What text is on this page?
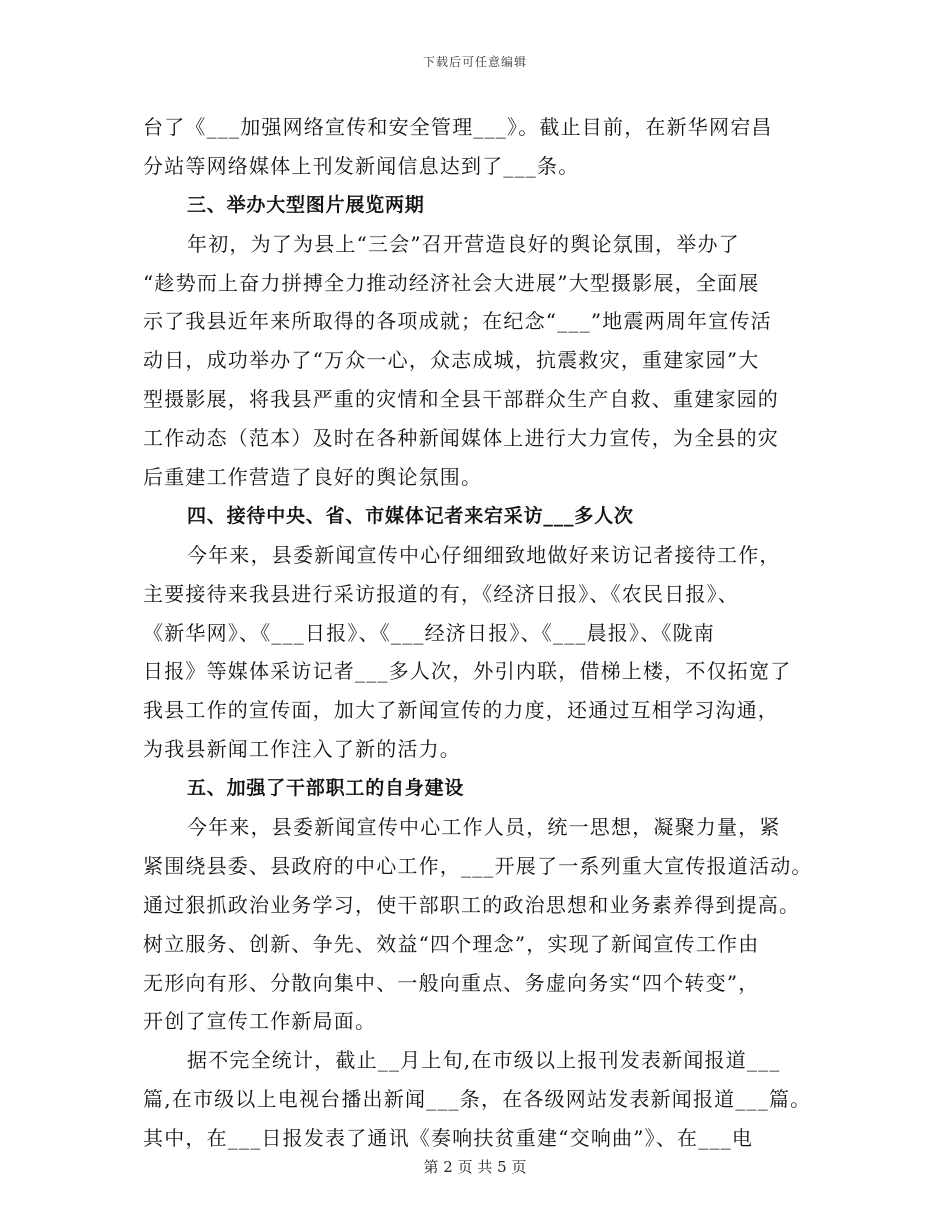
下载后可任意编辑
台了《___加强网络宣传和安全管理___》。截止目前，在新华网宕昌
分站等网络媒体上刊发新闻信息达到了___条。
三、举办大型图片展览两期
年初，为了为县上“三会”召开营造良好的舆论氛围，举办了
“趁势而上奋力拼搏全力推动经济社会大进展”大型摄影展，全面展
示了我县近年来所取得的各项成就；在纪念“___”地震两周年宣传活
动日，成功举办了“万众一心，众志成城，抗震救灾，重建家园”大
型摄影展，将我县严重的灾情和全县干部群众生产自救、重建家园的
工作动态（范本）及时在各种新闻媒体上进行大力宣传，为全县的灾
后重建工作营造了良好的舆论氛围。
四、接待中央、省、市媒体记者来宕采访___多人次
今年来，县委新闻宣传中心仔细细致地做好来访记者接待工作，
主要接待来我县进行采访报道的有，《经济日报》、《农民日报》、
《新华网》、《___日报》、《___经济日报》、《___晨报》、《陇南
日报》等媒体采访记者___多人次，外引内联，借梯上楼，不仅拓宽了
我县工作的宣传面，加大了新闻宣传的力度，还通过互相学习沟通，
为我县新闻工作注入了新的活力。
五、加强了干部职工的自身建设
今年来，县委新闻宣传中心工作人员，统一思想，凝聚力量，紧
紧围绕县委、县政府的中心工作，___开展了一系列重大宣传报道活动。
通过狠抓政治业务学习，使干部职工的政治思想和业务素养得到提高。
树立服务、创新、争先、效益“四个理念”，实现了新闻宣传工作由
无形向有形、分散向集中、一般向重点、务虚向务实“四个转变”，
开创了宣传工作新局面。
据不完全统计，截止__月上旬,在市级以上报刊发表新闻报道___
篇,在市级以上电视台播出新闻___条，在各级网站发表新闻报道___篇。
其中，在___日报发表了通讯《奏响扶贫重建“交响曲”》、在___电
第 2 页 共 5 页
